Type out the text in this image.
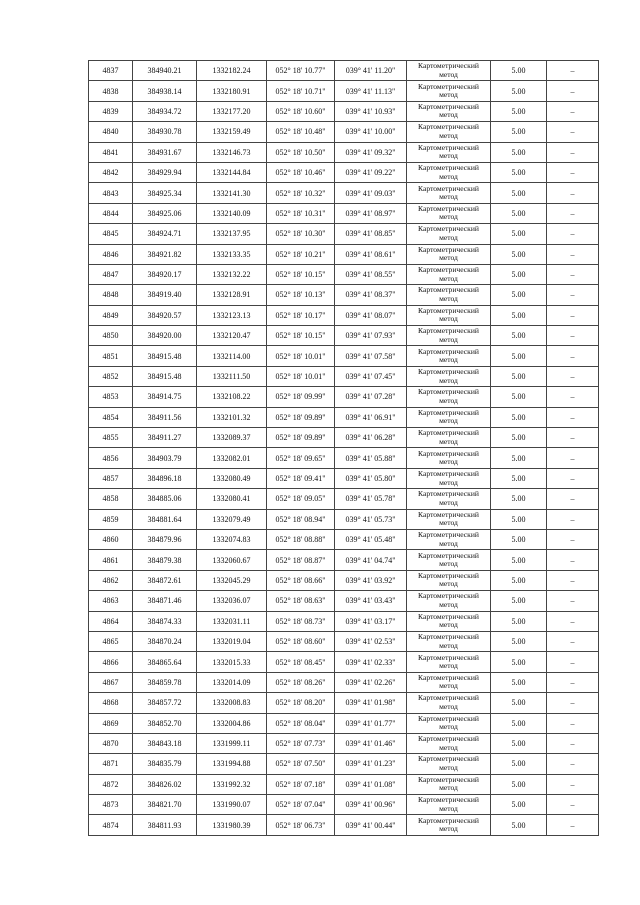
4837	384940.21	1332182.24	052° 18' 10.77"	039° 41' 11.20"	Картометрический метод	5.00	–
4838	384938.14	1332180.91	052° 18' 10.71"	039° 41' 11.13"	Картометрический метод	5.00	–
4839	384934.72	1332177.20	052° 18' 10.60"	039° 41' 10.93"	Картометрический метод	5.00	–
4840	384930.78	1332159.49	052° 18' 10.48"	039° 41' 10.00"	Картометрический метод	5.00	–
4841	384931.67	1332146.73	052° 18' 10.50"	039° 41' 09.32"	Картометрический метод	5.00	–
4842	384929.94	1332144.84	052° 18' 10.46"	039° 41' 09.22"	Картометрический метод	5.00	–
4843	384925.34	1332141.30	052° 18' 10.32"	039° 41' 09.03"	Картометрический метод	5.00	–
4844	384925.06	1332140.09	052° 18' 10.31"	039° 41' 08.97"	Картометрический метод	5.00	–
4845	384924.71	1332137.95	052° 18' 10.30"	039° 41' 08.85"	Картометрический метод	5.00	–
4846	384921.82	1332133.35	052° 18' 10.21"	039° 41' 08.61"	Картометрический метод	5.00	–
4847	384920.17	1332132.22	052° 18' 10.15"	039° 41' 08.55"	Картометрический метод	5.00	–
4848	384919.40	1332128.91	052° 18' 10.13"	039° 41' 08.37"	Картометрический метод	5.00	–
4849	384920.57	1332123.13	052° 18' 10.17"	039° 41' 08.07"	Картометрический метод	5.00	–
4850	384920.00	1332120.47	052° 18' 10.15"	039° 41' 07.93"	Картометрический метод	5.00	–
4851	384915.48	1332114.00	052° 18' 10.01"	039° 41' 07.58"	Картометрический метод	5.00	–
4852	384915.48	1332111.50	052° 18' 10.01"	039° 41' 07.45"	Картометрический метод	5.00	–
4853	384914.75	1332108.22	052° 18' 09.99"	039° 41' 07.28"	Картометрический метод	5.00	–
4854	384911.56	1332101.32	052° 18' 09.89"	039° 41' 06.91"	Картометрический метод	5.00	–
4855	384911.27	1332089.37	052° 18' 09.89"	039° 41' 06.28"	Картометрический метод	5.00	–
4856	384903.79	1332082.01	052° 18' 09.65"	039° 41' 05.88"	Картометрический метод	5.00	–
4857	384896.18	1332080.49	052° 18' 09.41"	039° 41' 05.80"	Картометрический метод	5.00	–
4858	384885.06	1332080.41	052° 18' 09.05"	039° 41' 05.78"	Картометрический метод	5.00	–
4859	384881.64	1332079.49	052° 18' 08.94"	039° 41' 05.73"	Картометрический метод	5.00	–
4860	384879.96	1332074.83	052° 18' 08.88"	039° 41' 05.48"	Картометрический метод	5.00	–
4861	384879.38	1332060.67	052° 18' 08.87"	039° 41' 04.74"	Картометрический метод	5.00	–
4862	384872.61	1332045.29	052° 18' 08.66"	039° 41' 03.92"	Картометрический метод	5.00	–
4863	384871.46	1332036.07	052° 18' 08.63"	039° 41' 03.43"	Картометрический метод	5.00	–
4864	384874.33	1332031.11	052° 18' 08.73"	039° 41' 03.17"	Картометрический метод	5.00	–
4865	384870.24	1332019.04	052° 18' 08.60"	039° 41' 02.53"	Картометрический метод	5.00	–
4866	384865.64	1332015.33	052° 18' 08.45"	039° 41' 02.33"	Картометрический метод	5.00	–
4867	384859.78	1332014.09	052° 18' 08.26"	039° 41' 02.26"	Картометрический метод	5.00	–
4868	384857.72	1332008.83	052° 18' 08.20"	039° 41' 01.98"	Картометрический метод	5.00	–
4869	384852.70	1332004.86	052° 18' 08.04"	039° 41' 01.77"	Картометрический метод	5.00	–
4870	384843.18	1331999.11	052° 18' 07.73"	039° 41' 01.46"	Картометрический метод	5.00	–
4871	384835.79	1331994.88	052° 18' 07.50"	039° 41' 01.23"	Картометрический метод	5.00	–
4872	384826.02	1331992.32	052° 18' 07.18"	039° 41' 01.08"	Картометрический метод	5.00	–
4873	384821.70	1331990.07	052° 18' 07.04"	039° 41' 00.96"	Картометрический метод	5.00	–
4874	384811.93	1331980.39	052° 18' 06.73"	039° 41' 00.44"	Картометрический метод	5.00	–
